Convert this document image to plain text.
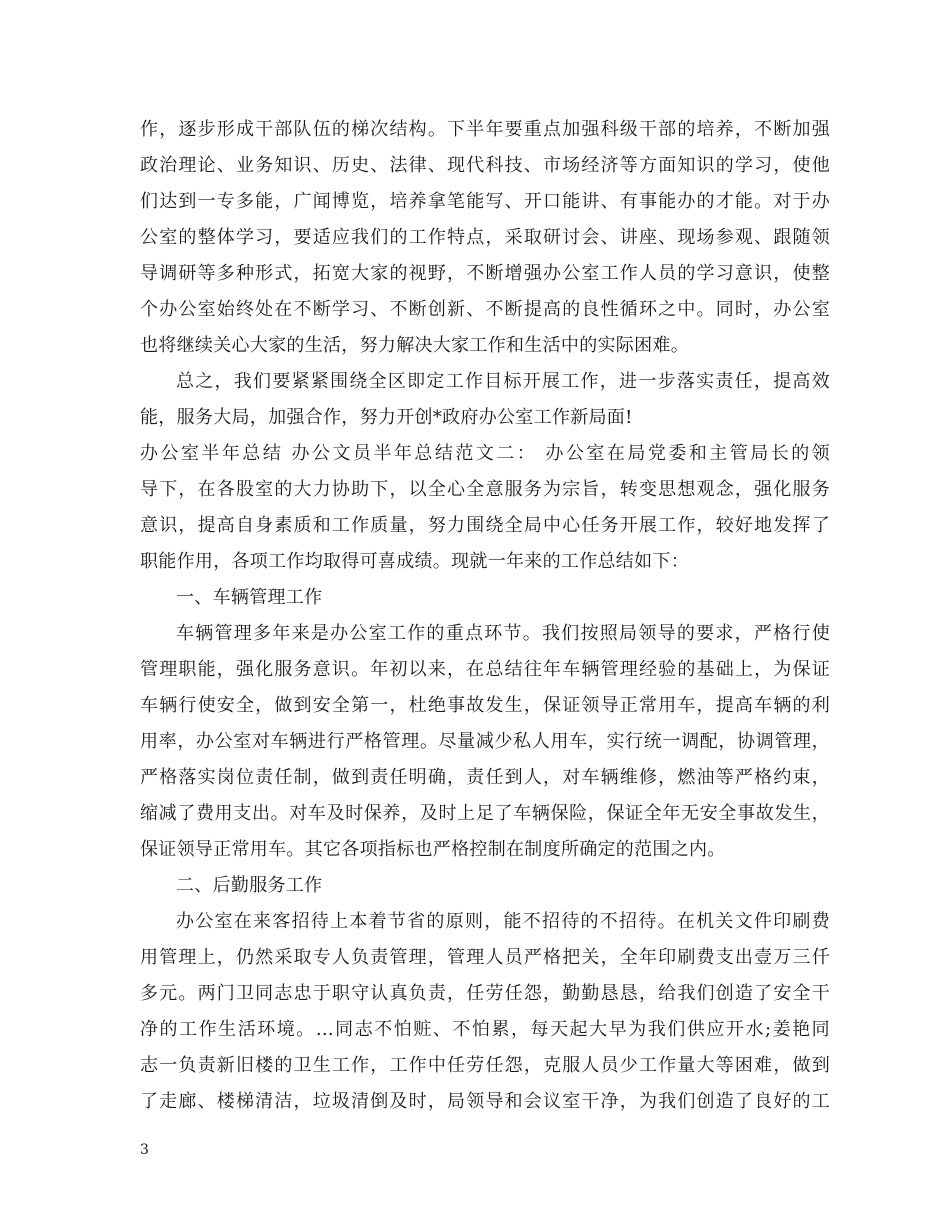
作，逐步形成干部队伍的梯次结构。下半年要重点加强科级干部的培养，不断加强
政治理论、业务知识、历史、法律、现代科技、市场经济等方面知识的学习，使他
们达到一专多能，广闻博览，培养拿笔能写、开口能讲、有事能办的才能。对于办
公室的整体学习，要适应我们的工作特点，采取研讨会、讲座、现场参观、跟随领
导调研等多种形式，拓宽大家的视野，不断增强办公室工作人员的学习意识，使整
个办公室始终处在不断学习、不断创新、不断提高的良性循环之中。同时，办公室
也将继续关心大家的生活，努力解决大家工作和生活中的实际困难。
总之，我们要紧紧围绕全区即定工作目标开展工作，进一步落实责任，提高效
能，服务大局，加强合作，努力开创*政府办公室工作新局面!
办公室半年总结 办公文员半年总结范文二： 办公室在局党委和主管局长的领
导下，在各股室的大力协助下，以全心全意服务为宗旨，转变思想观念，强化服务
意识，提高自身素质和工作质量，努力围绕全局中心任务开展工作，较好地发挥了
职能作用，各项工作均取得可喜成绩。现就一年来的工作总结如下：
一、车辆管理工作
车辆管理多年来是办公室工作的重点环节。我们按照局领导的要求，严格行使
管理职能，强化服务意识。年初以来，在总结往年车辆管理经验的基础上，为保证
车辆行使安全，做到安全第一，杜绝事故发生，保证领导正常用车，提高车辆的利
用率，办公室对车辆进行严格管理。尽量减少私人用车，实行统一调配，协调管理，
严格落实岗位责任制，做到责任明确，责任到人，对车辆维修，燃油等严格约束，
缩减了费用支出。对车及时保养，及时上足了车辆保险，保证全年无安全事故发生，
保证领导正常用车。其它各项指标也严格控制在制度所确定的范围之内。
二、后勤服务工作
办公室在来客招待上本着节省的原则，能不招待的不招待。在机关文件印刷费
用管理上，仍然采取专人负责管理，管理人员严格把关，全年印刷费支出壹万三仟
多元。两门卫同志忠于职守认真负责，任劳任怨，勤勤恳恳，给我们创造了安全干
净的工作生活环境。...同志不怕赃、不怕累，每天起大早为我们供应开水;姜艳同
志一负责新旧楼的卫生工作，工作中任劳任怨，克服人员少工作量大等困难，做到
了走廊、楼梯清洁，垃圾清倒及时，局领导和会议室干净，为我们创造了良好的工
3
